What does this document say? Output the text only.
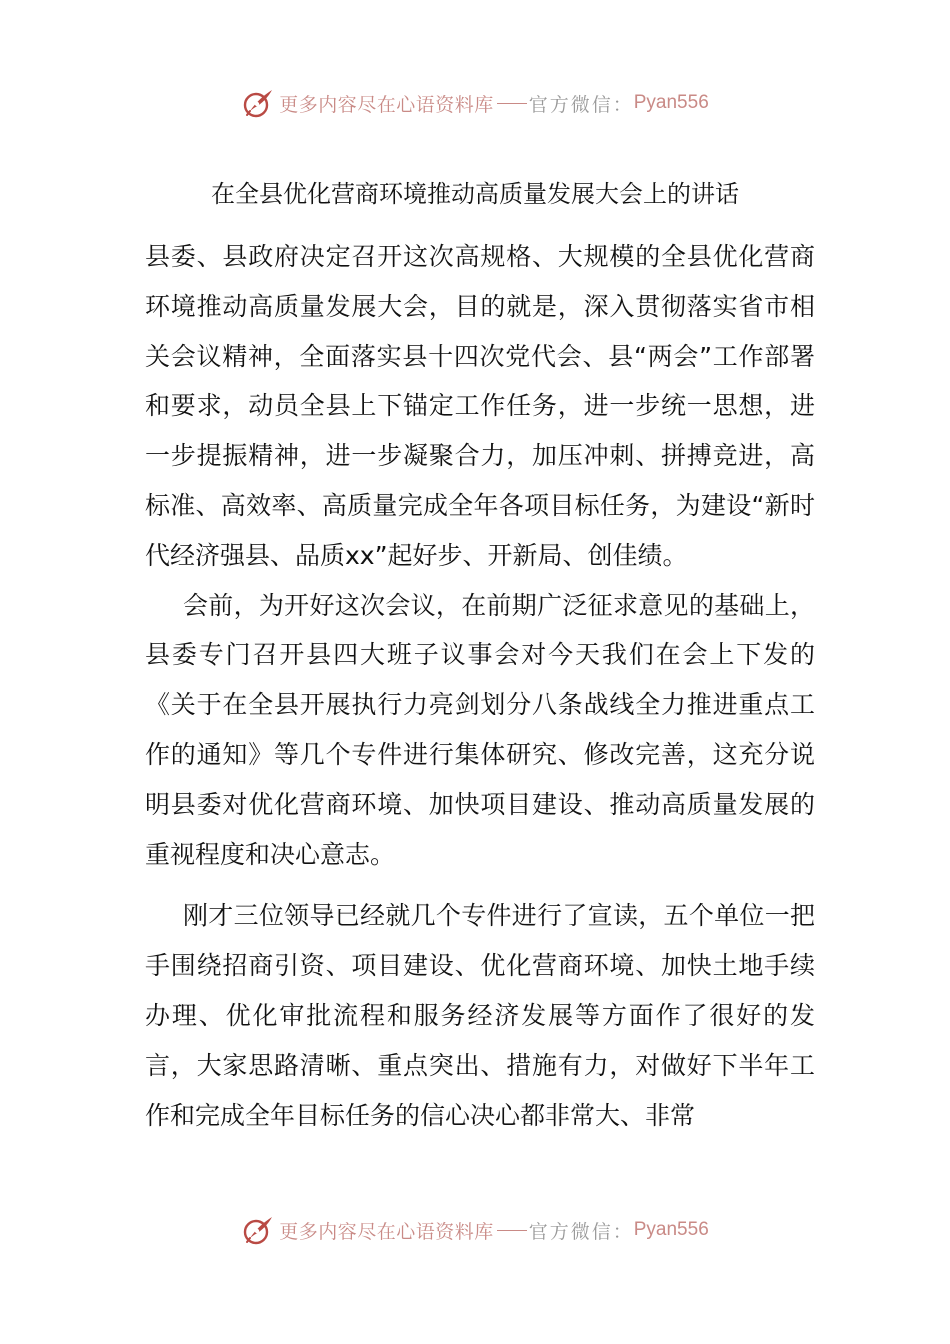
更多内容尽在心语资料库 官方微信： Pyan556
在全县优化营商环境推动高质量发展大会上的讲话

县委、县政府决定召开这次高规格、大规模的全县优化营商环境推动高质量发展大会，目的就是，深入贯彻落实省市相关会议精神，全面落实县十四次党代会、县“两会”工作部署和要求，动员全县上下锚定工作任务，进一步统一思想，进一步提振精神，进一步凝聚合力，加压冲刺、拼搏竞进，高标准、高效率、高质量完成全年各项目标任务，为建设“新时代经济强县、品质xx”起好步、开新局、创佳绩。

会前，为开好这次会议，在前期广泛征求意见的基础上，县委专门召开县四大班子议事会对今天我们在会上下发的《关于在全县开展执行力亮剑划分八条战线全力推进重点工作的通知》等几个专件进行集体研究、修改完善，这充分说明县委对优化营商环境、加快项目建设、推动高质量发展的重视程度和决心意志。

刚才三位领导已经就几个专件进行了宣读，五个单位一把手围绕招商引资、项目建设、优化营商环境、加快土地手续办理、优化审批流程和服务经济发展等方面作了很好的发言，大家思路清晰、重点突出、措施有力，对做好下半年工作和完成全年目标任务的信心决心都非常大、非常

更多内容尽在心语资料库 官方微信： Pyan556
